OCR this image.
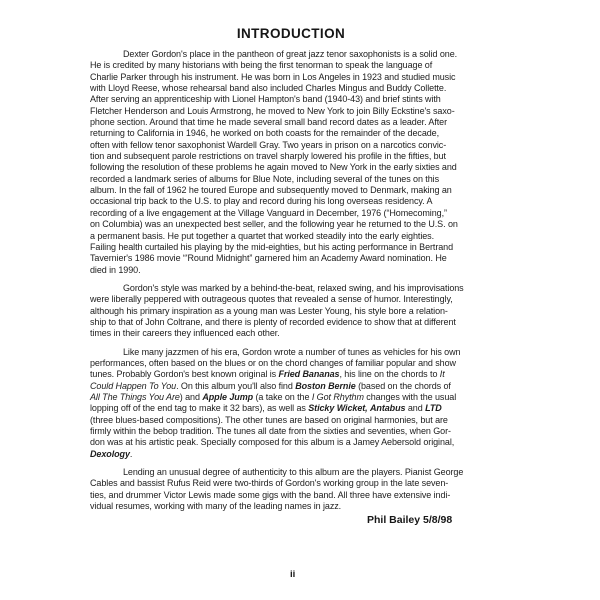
INTRODUCTION
Dexter Gordon's place in the pantheon of great jazz tenor saxophonists is a solid one.
He is credited by many historians with being the first tenorman to speak the language of
Charlie Parker through his instrument. He was born in Los Angeles in 1923 and studied music
with Lloyd Reese, whose rehearsal band also included Charles Mingus and Buddy Collette.
After serving an apprenticeship with Lionel Hampton's band (1940-43) and brief stints with
Fletcher Henderson and Louis Armstrong, he moved to New York to join Billy Eckstine's saxo-
phone section. Around that time he made several small band record dates as a leader. After
returning to California in 1946, he worked on both coasts for the remainder of the decade,
often with fellow tenor saxophonist Wardell Gray. Two years in prison on a narcotics convic-
tion and subsequent parole restrictions on travel sharply lowered his profile in the fifties, but
following the resolution of these problems he again moved to New York in the early sixties and
recorded a landmark series of albums for Blue Note, including several of the tunes on this
album. In the fall of 1962 he toured Europe and subsequently moved to Denmark, making an
occasional trip back to the U.S. to play and record during his long overseas residency. A
recording of a live engagement at the Village Vanguard in December, 1976 (“Homecoming,”
on Columbia) was an unexpected best seller, and the following year he returned to the U.S. on
a permanent basis. He put together a quartet that worked steadily into the early eighties.
Failing health curtailed his playing by the mid-eighties, but his acting performance in Bertrand
Tavernier's 1986 movie “'Round Midnight” garnered him an Academy Award nomination. He
died in 1990.
Gordon's style was marked by a behind-the-beat, relaxed swing, and his improvisations
were liberally peppered with outrageous quotes that revealed a sense of humor. Interestingly,
although his primary inspiration as a young man was Lester Young, his style bore a relation-
ship to that of John Coltrane, and there is plenty of recorded evidence to show that at different
times in their careers they influenced each other.
Like many jazzmen of his era, Gordon wrote a number of tunes as vehicles for his own
performances, often based on the blues or on the chord changes of familiar popular and show
tunes. Probably Gordon's best known original is Fried Bananas, his line on the chords to It
Could Happen To You. On this album you'll also find Boston Bernie (based on the chords of
All The Things You Are) and Apple Jump (a take on the I Got Rhythm changes with the usual
lopping off of the end tag to make it 32 bars), as well as Sticky Wicket, Antabus and LTD
(three blues-based compositions). The other tunes are based on original harmonies, but are
firmly within the bebop tradition. The tunes all date from the sixties and seventies, when Gor-
don was at his artistic peak. Specially composed for this album is a Jamey Aebersold original,
Dexology.
Lending an unusual degree of authenticity to this album are the players. Pianist George
Cables and bassist Rufus Reid were two-thirds of Gordon's working group in the late seven-
ties, and drummer Victor Lewis made some gigs with the band. All three have extensive indi-
vidual resumes, working with many of the leading names in jazz.
Phil Bailey 5/8/98
ii
